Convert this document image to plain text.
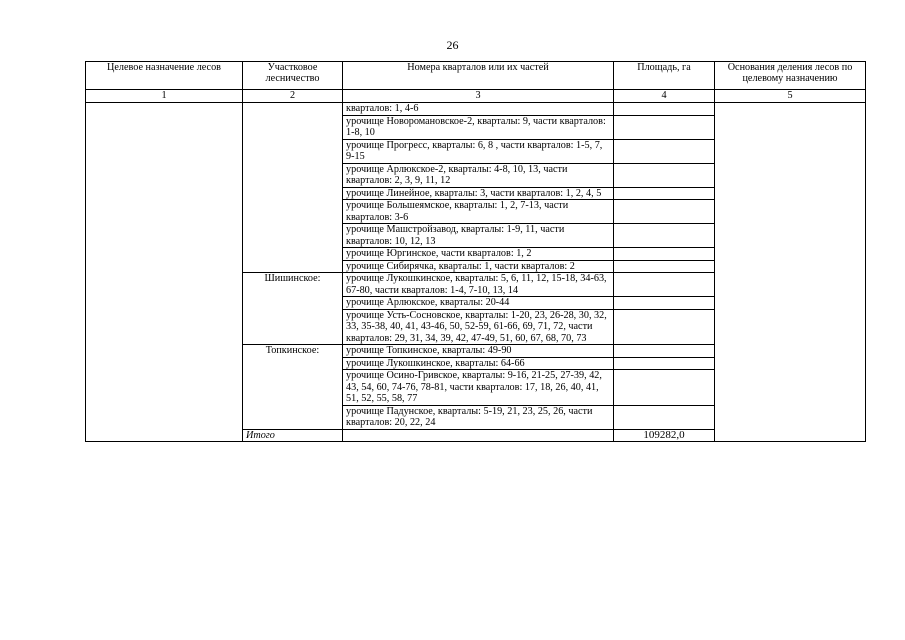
26
Целевое назначение лесов	Участковое лесничество	Номера кварталов или их частей	Площадь, га	Основания деления лесов по целевому назначению
1	2	3	4	5
		кварталов: 1, 4-6		
		урочище Новоромановское-2, кварталы: 9, части кварталов: 1-8, 10		
		урочище Прогресс, кварталы: 6, 8 , части кварталов: 1-5, 7, 9-15		
		урочище Арлюкское-2, кварталы: 4-8, 10, 13, части кварталов: 2, 3, 9, 11, 12		
		урочище Линейное, кварталы: 3, части кварталов: 1, 2, 4, 5		
		урочище Большеямское, кварталы: 1, 2, 7-13, части кварталов: 3-6		
		урочище Машстройзавод, кварталы: 1-9, 11, части кварталов: 10, 12, 13		
		урочище Юргинское, части кварталов: 1, 2		
		урочище Сибирячка, кварталы: 1, части кварталов: 2		
	Шишинское:	урочище Лукошкинское, кварталы: 5, 6, 11, 12, 15-18, 34-63, 67-80, части кварталов: 1-4, 7-10, 13, 14		
		урочище Арлюкское, кварталы: 20-44		
		урочище Усть-Сосновское, кварталы: 1-20, 23, 26-28, 30, 32, 33, 35-38, 40, 41, 43-46, 50, 52-59, 61-66, 69, 71, 72, части кварталов: 29, 31, 34, 39, 42, 47-49, 51, 60, 67, 68, 70, 73		
	Топкинское:	урочище Топкинское, кварталы: 49-90		
		урочище Лукошкинское, кварталы: 64-66		
		урочище Осино-Гривское, кварталы: 9-16, 21-25, 27-39, 42, 43, 54, 60, 74-76, 78-81, части кварталов: 17, 18, 26, 40, 41, 51, 52, 55, 58, 77		
		урочище Падунское, кварталы: 5-19, 21, 23, 25, 26, части кварталов: 20, 22, 24		
	Итого		109282,0	
